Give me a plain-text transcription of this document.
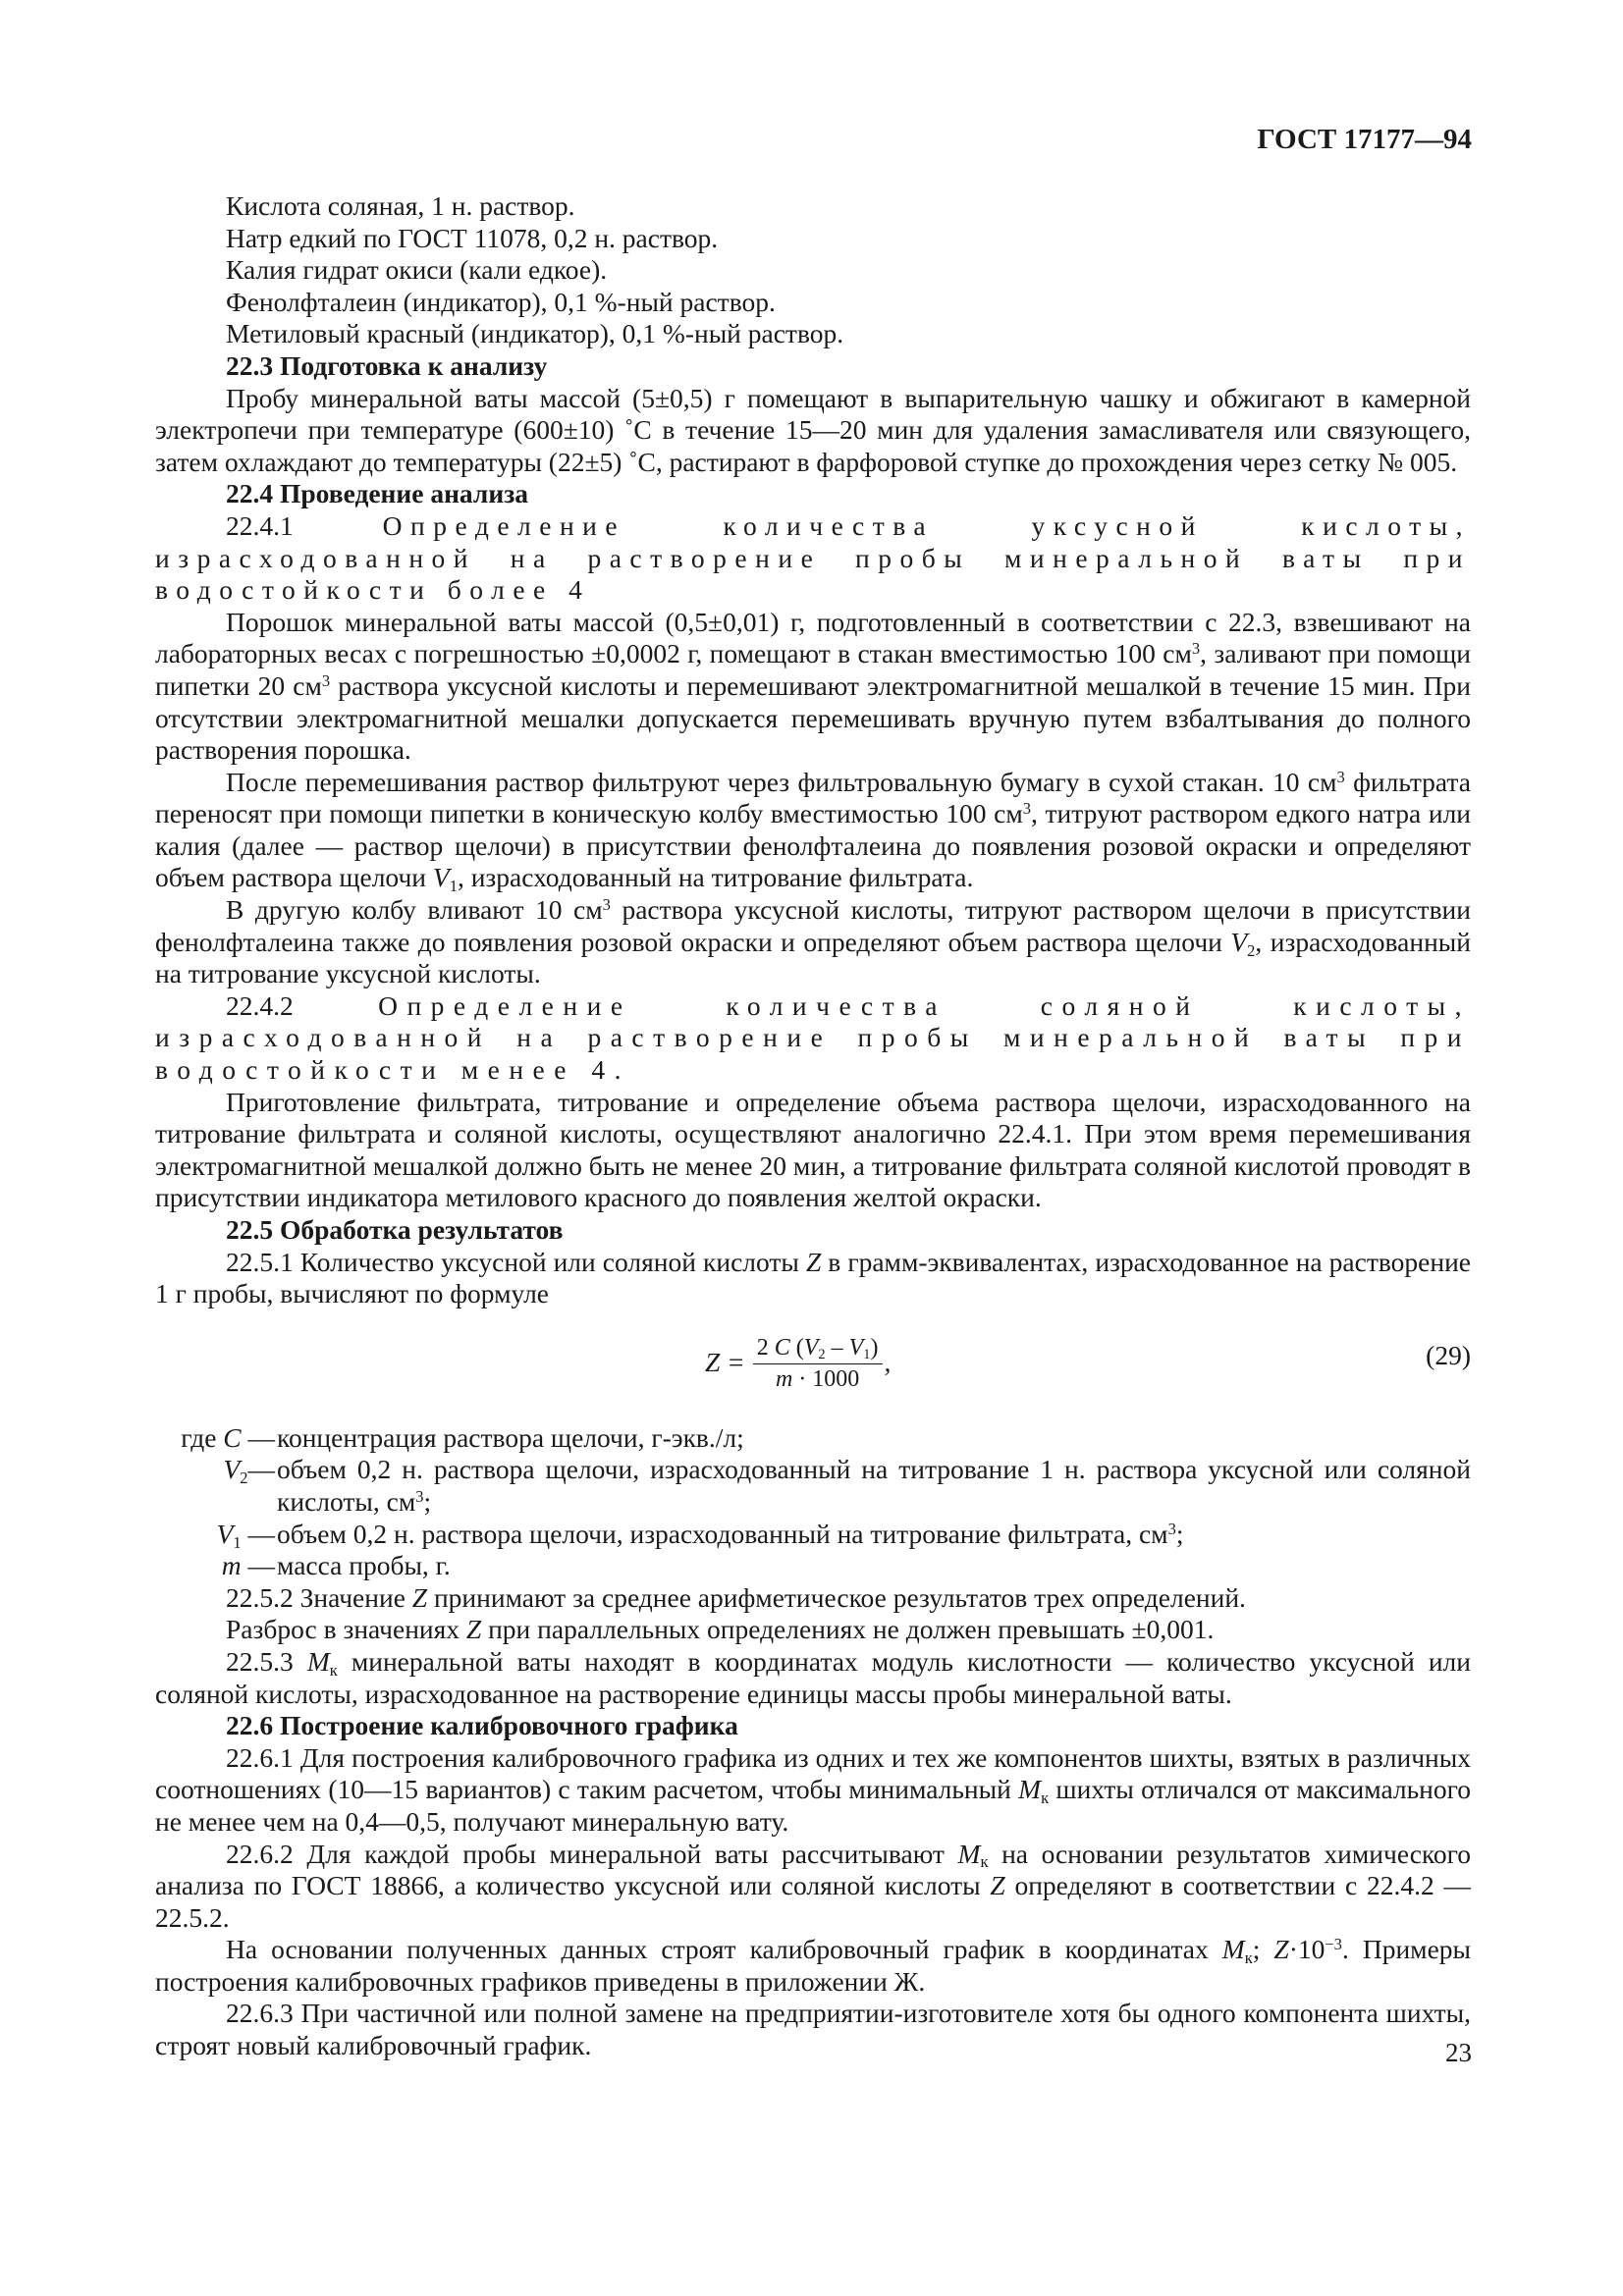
ГОСТ 17177—94

Кислота соляная, 1 н. раствор.

Натр едкий по ГОСТ 11078, 0,2 н. раствор.

Калия гидрат окиси (кали едкое).

Фенолфталеин (индикатор), 0,1 %-ный раствор.

Метиловый красный (индикатор), 0,1 %-ный раствор.

22.3 Подготовка к анализу

Пробу минеральной ваты массой (5±0,5) г помещают в выпарительную чашку и обжигают в камерной электропечи при температуре (600±10) ˚С в течение 15—20 мин для удаления замасливателя или связующего, затем охлаждают до температуры (22±5) ˚С, растирают в фарфоровой ступке до прохождения через сетку № 005.

22.4 Проведение анализа

22.4.1	Определение количества уксусной кислоты, израсходованной на растворение пробы минеральной ваты при водостойкости более 4

Порошок минеральной ваты массой (0,5±0,01) г, подготовленный в соответствии с 22.3, взвешивают на лабораторных весах с погрешностью ±0,0002 г, помещают в стакан вместимостью 100 $см^3$, заливают при помощи пипетки 20 $см^3$ раствора уксусной кислоты и перемешивают электромагнитной мешалкой в течение 15 мин. При отсутствии электромагнитной мешалки допускается перемешивать вручную путем взбалтывания до полного растворения порошка.

После перемешивания раствор фильтруют через фильтровальную бумагу в сухой стакан. 10 $см^3$ фильтрата переносят при помощи пипетки в коническую колбу вместимостью 100 $см^3$, титруют раствором едкого натра или калия (далее — раствор щелочи) в присутствии фенолфталеина до появления розовой окраски и определяют объем раствора щелочи $V_1$, израсходованный на титрование фильтрата.

В другую колбу вливают 10 $см^3$ раствора уксусной кислоты, титруют раствором щелочи в присутствии фенолфталеина также до появления розовой окраски и определяют объем раствора щелочи $V_2$, израсходованный на титрование уксусной кислоты.

22.4.2	Определение количества соляной кислоты, израсходованной на растворение пробы минеральной ваты при водостойкости менее 4.

Приготовление фильтрата, титрование и определение объема раствора щелочи, израсходованного на титрование фильтрата и соляной кислоты, осуществляют аналогично 22.4.1. При этом время перемешивания электромагнитной мешалкой должно быть не менее 20 мин, а титрование фильтрата соляной кислотой проводят в присутствии индикатора метилового красного до появления желтой окраски.

22.5 Обработка результатов

22.5.1 Количество уксусной или соляной кислоты Z в грамм-эквивалентах, израсходованное на растворение 1 г пробы, вычисляют по формуле

$Z = \frac{2 C (V_2 - V_1)}{m \cdot 1000}$ ,	(29)
где C — концентрация раствора щелочи, г-экв./л;
$V_2—$ объем 0,2 н. раствора щелочи, израсходованный на титрование 1 н. раствора уксусной или соляной кислоты, $см^3$;
$V_1$ — объем 0,2 н. раствора щелочи, израсходованный на титрование фильтрата, $см^3$;
m — масса пробы, г.

22.5.2 Значение Z принимают за среднее арифметическое результатов трех определений.

Разброс в значениях Z при параллельных определениях не должен превышать ±0,001.

22.5.3 $М_к$ минеральной ваты находят в координатах модуль кислотности — количество уксусной или соляной кислоты, израсходованное на растворение единицы массы пробы минеральной ваты.

22.6 Построение калибровочного графика

22.6.1 Для построения калибровочного графика из одних и тех же компонентов шихты, взятых в различных соотношениях (10—15 вариантов) с таким расчетом, чтобы минимальный $М_к$ шихты отличался от максимального не менее чем на 0,4—0,5, получают минеральную вату.

22.6.2 Для каждой пробы минеральной ваты рассчитывают $М_к$ на основании результатов химического анализа по ГОСТ 18866, а количество уксусной или соляной кислоты Z определяют в соответствии с 22.4.2 — 22.5.2.

На основании полученных данных строят калибровочный график в координатах $М_к$; $Z\cdot 10^{-3}$. Примеры построения калибровочных графиков приведены в приложении Ж.

22.6.3 При частичной или полной замене на предприятии-изготовителе хотя бы одного компонента шихты, строят новый калибровочный график.	23
